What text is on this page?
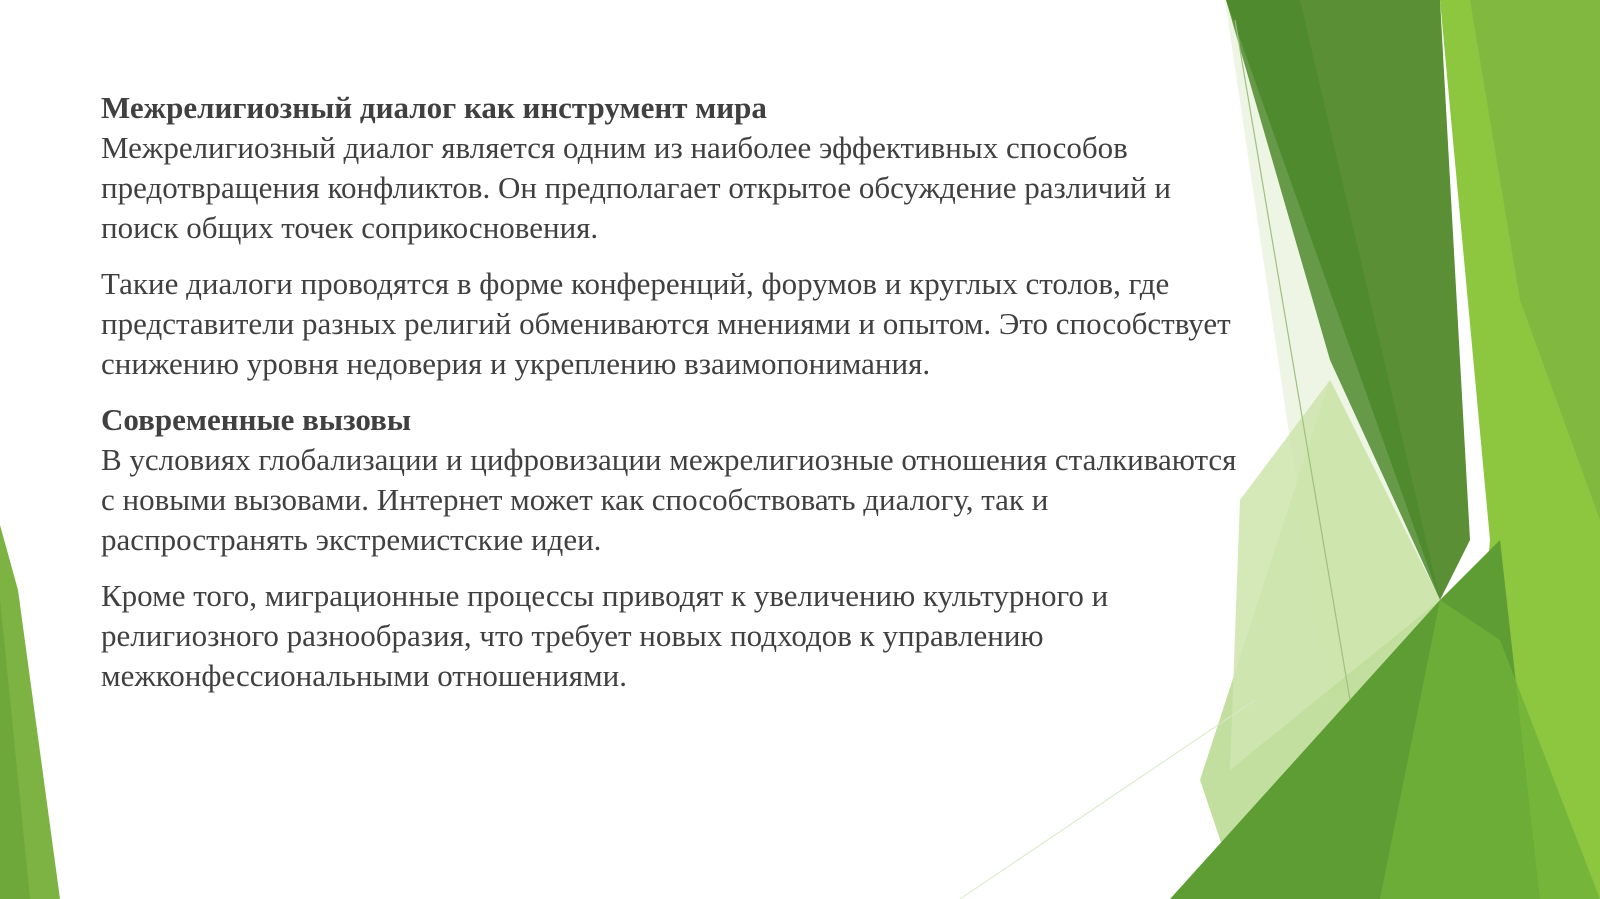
Межрелигиозный диалог как инструмент мира
Межрелигиозный диалог является одним из наиболее эффективных способов предотвращения конфликтов. Он предполагает открытое обсуждение различий и поиск общих точек соприкосновения.

Такие диалоги проводятся в форме конференций, форумов и круглых столов, где представители разных религий обмениваются мнениями и опытом. Это способствует снижению уровня недоверия и укреплению взаимопонимания.

Современные вызовы
В условиях глобализации и цифровизации межрелигиозные отношения сталкиваются с новыми вызовами. Интернет может как способствовать диалогу, так и распространять экстремистские идеи.

Кроме того, миграционные процессы приводят к увеличению культурного и религиозного разнообразия, что требует новых подходов к управлению межконфессиональными отношениями.
